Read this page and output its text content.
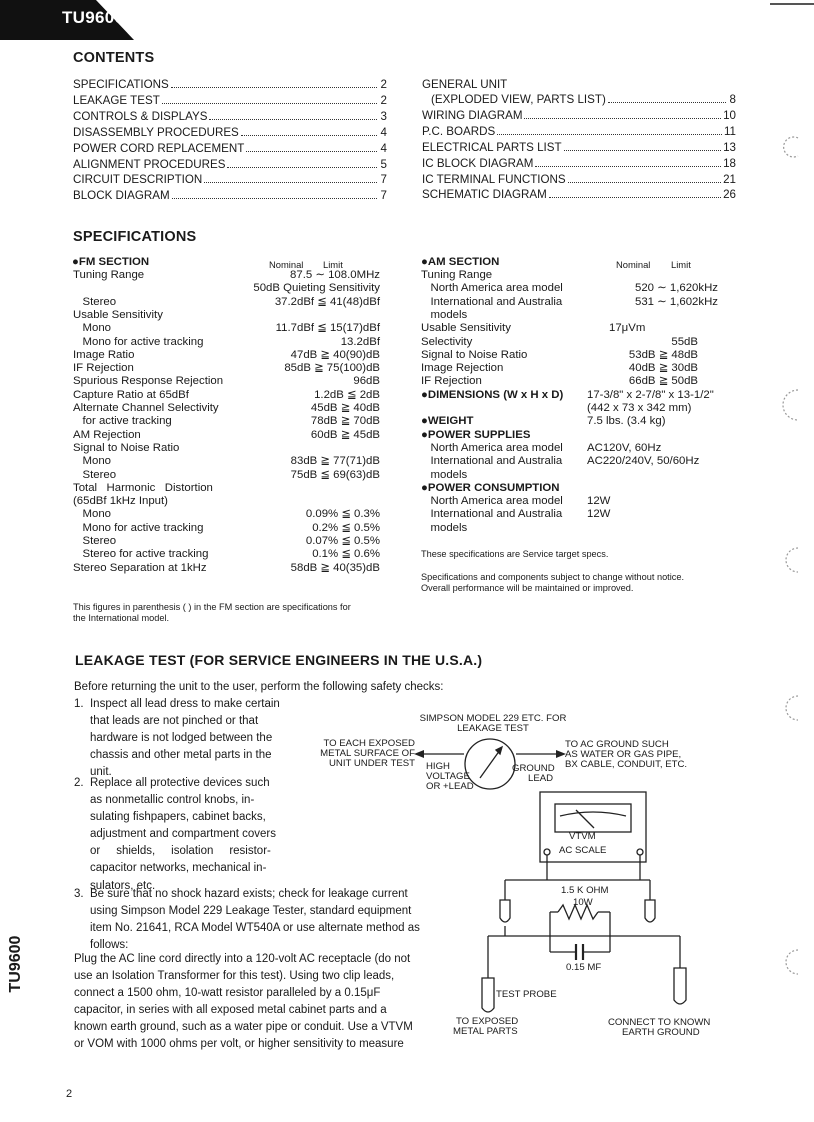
TU9600
TU9600
CONTENTS
SPECIFICATIONS	2
LEAKAGE TEST	2
CONTROLS & DISPLAYS	3
DISASSEMBLY PROCEDURES	4
POWER CORD REPLACEMENT	4
ALIGNMENT PROCEDURES	5
CIRCUIT DESCRIPTION	7
BLOCK DIAGRAM	7
GENERAL UNIT
(EXPLODED VIEW, PARTS LIST)	8
WIRING DIAGRAM	10
P.C. BOARDS	11
ELECTRICAL PARTS LIST	13
IC BLOCK DIAGRAM	18
IC TERMINAL FUNCTIONS	21
SCHEMATIC DIAGRAM	26
SPECIFICATIONS
●FM SECTION	Nominal Limit
Tuning Range	87.5 ∼ 108.0MHz
50dB Quieting Sensitivity
Stereo	37.2dBf ≦ 41(48)dBf
Usable Sensitivity
Mono	11.7dBf ≦ 15(17)dBf
Mono for active tracking	13.2dBf
Image Ratio	47dB ≧ 40(90)dB
IF Rejection	85dB ≧ 75(100)dB
Spurious Response Rejection	96dB
Capture Ratio at 65dBf	1.2dB ≦ 2dB
Alternate Channel Selectivity	45dB ≧ 40dB
for active tracking	78dB ≧ 70dB
AM Rejection	60dB ≧ 45dB
Signal to Noise Ratio
Mono	83dB ≧ 77(71)dB
Stereo	75dB ≦ 69(63)dB
Total   Harmonic   Distortion
(65dBf 1kHz Input)
Mono	0.09% ≦ 0.3%
Mono for active tracking	0.2% ≦ 0.5%
Stereo	0.07% ≦ 0.5%
Stereo for active tracking	0.1% ≦ 0.6%
Stereo Separation at 1kHz	58dB ≧ 40(35)dB
●AM SECTION	Nominal Limit
Tuning Range
North America area model	520 ∼ 1,620kHz
International and Australia	531 ∼ 1,602kHz
models
Usable Sensitivity	17μVm
Selectivity	55dB
Signal to Noise Ratio	53dB ≧ 48dB
Image Rejection	40dB ≧ 30dB
IF Rejection	66dB ≧ 50dB
●DIMENSIONS (W x H x D) 17-3/8" x 2-7/8" x 13-1/2"
(442 x 73 x 342 mm)
●WEIGHT	7.5 lbs. (3.4 kg)
●POWER SUPPLIES
North America area model AC120V, 60Hz
International and Australia AC220/240V, 50/60Hz
models
●POWER CONSUMPTION
North America area model 12W
International and Australia 12W
models
These specifications are Service target specs.
Specifications and components subject to change without notice.
Overall performance will be maintained or improved.
This figures in parenthesis ( ) in the FM section are specifications for
the International model.
LEAKAGE TEST (FOR SERVICE ENGINEERS IN THE U.S.A.)
Before returning the unit to the user, perform the following safety checks:
1.  Inspect all lead dress to make certain
that leads are not pinched or that
hardware is not lodged between the
chassis and other metal parts in the
unit.
2.  Replace all protective devices such
as nonmetallic control knobs, in-
sulating fishpapers, cabinet backs,
adjustment and compartment covers
or     shields,     isolation     resistor-
capacitor networks, mechanical in-
sulators, etc.
3.  Be sure that no shock hazard exists; check for leakage current
using Simpson Model 229 Leakage Tester, standard equipment
item No. 21641, RCA Model WT540A or use alternate method as
follows:
Plug the AC line cord directly into a 120-volt AC receptacle (do not
use an Isolation Transformer for this test). Using two clip leads,
connect a 1500 ohm, 10-watt resistor paralleled by a 0.15μF
capacitor, in series with all exposed metal cabinet parts and a
known earth ground, such as a water pipe or conduit. Use a VTVM
or VOM with 1000 ohms per volt, or higher sensitivity to measure
SIMPSON MODEL 229 ETC. FOR
LEAKAGE TEST
TO EACH EXPOSED
METAL SURFACE OF
UNIT UNDER TEST
TO AC GROUND SUCH
AS WATER OR GAS PIPE,
BX CABLE, CONDUIT, ETC.
HIGH
VOLTAGE
OR +LEAD
GROUND
LEAD
VTVM
AC SCALE
1.5 K OHM
10W
0.15 MF
TEST PROBE
TO EXPOSED
METAL PARTS
CONNECT TO KNOWN
EARTH GROUND
2
